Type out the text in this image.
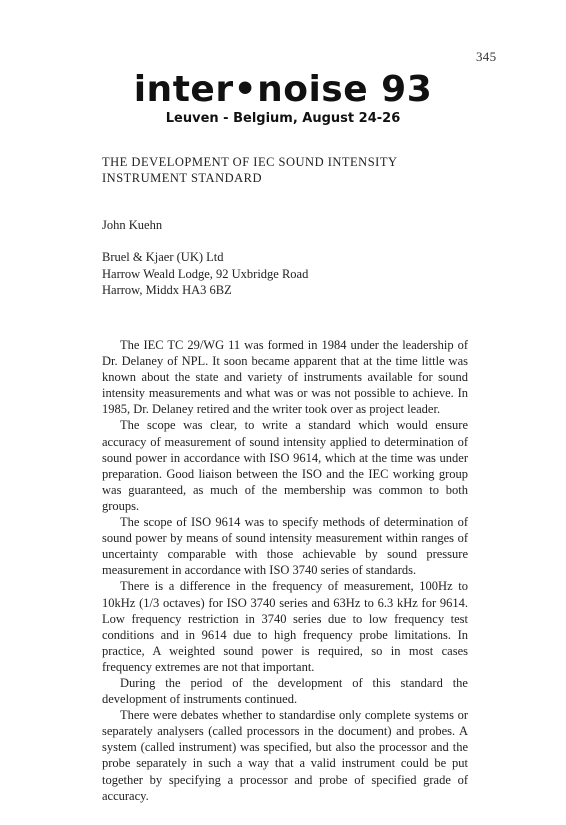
345
inter•noise 93
Leuven - Belgium, August 24-26
THE DEVELOPMENT OF IEC SOUND INTENSITY INSTRUMENT STANDARD
John Kuehn
Bruel & Kjaer (UK) Ltd
Harrow Weald Lodge, 92 Uxbridge Road
Harrow, Middx HA3 6BZ

The IEC TC 29/WG 11 was formed in 1984 under the leadership of Dr. Delaney of NPL. It soon became apparent that at the time little was known about the state and variety of instruments available for sound intensity measurements and what was or was not possible to achieve. In 1985, Dr. Delaney retired and the writer took over as project leader.

The scope was clear, to write a standard which would ensure accuracy of measurement of sound intensity applied to determination of sound power in accordance with ISO 9614, which at the time was under preparation. Good liaison between the ISO and the IEC working group was guaranteed, as much of the membership was common to both groups.

The scope of ISO 9614 was to specify methods of determination of sound power by means of sound intensity measurement within ranges of uncertainty comparable with those achievable by sound pressure measurement in accordance with ISO 3740 series of standards.

There is a difference in the frequency of measurement, 100Hz to 10kHz (1/3 octaves) for ISO 3740 series and 63Hz to 6.3 kHz for 9614. Low frequency restriction in 3740 series due to low frequency test conditions and in 9614 due to high frequency probe limitations. In practice, A weighted sound power is required, so in most cases frequency extremes are not that important.

During the period of the development of this standard the development of instruments continued.

There were debates whether to standardise only complete systems or separately analysers (called processors in the document) and probes. A system (called instrument) was specified, but also the processor and the probe separately in such a way that a valid instrument could be put together by specifying a processor and probe of specified grade of accuracy.
